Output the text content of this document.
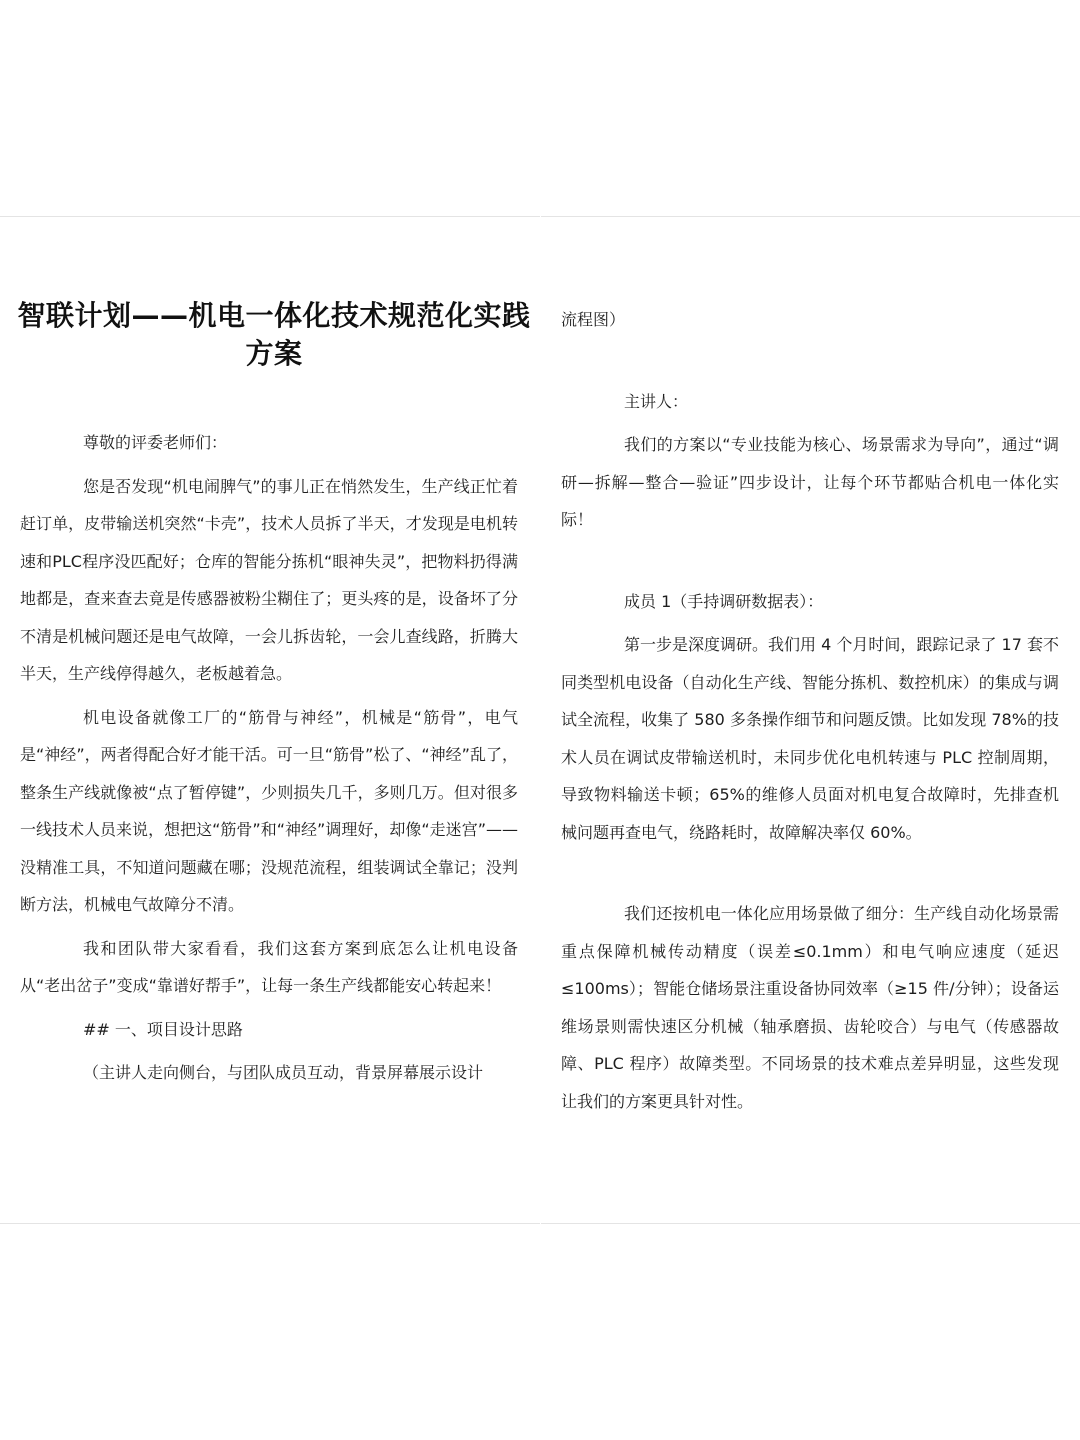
智联计划——机电一体化技术规范化实践方案

尊敬的评委老师们：

您是否发现“机电闹脾气”的事儿正在悄然发生，生产线正忙着赶订单，皮带输送机突然“卡壳”，技术人员拆了半天，才发现是电机转速和PLC程序没匹配好；仓库的智能分拣机“眼神失灵”，把物料扔得满地都是，查来查去竟是传感器被粉尘糊住了；更头疼的是，设备坏了分不清是机械问题还是电气故障，一会儿拆齿轮，一会儿查线路，折腾大半天，生产线停得越久，老板越着急。

机电设备就像工厂的“筋骨与神经”，机械是“筋骨”，电气是“神经”，两者得配合好才能干活。可一旦“筋骨”松了、“神经”乱了，整条生产线就像被“点了暂停键”，少则损失几千，多则几万。但对很多一线技术人员来说，想把这“筋骨”和“神经”调理好，却像“走迷宫”——没精准工具，不知道问题藏在哪；没规范流程，组装调试全靠记；没判断方法，机械电气故障分不清。

我和团队带大家看看，我们这套方案到底怎么让机电设备从“老出岔子”变成“靠谱好帮手”，让每一条生产线都能安心转起来！

## 一、项目设计思路

（主讲人走向侧台，与团队成员互动，背景屏幕展示设计

流程图）

主讲人：

我们的方案以“专业技能为核心、场景需求为导向”，通过“调研—拆解—整合—验证”四步设计，让每个环节都贴合机电一体化实际！

成员 1（手持调研数据表）：

第一步是深度调研。我们用 4 个月时间，跟踪记录了 17 套不同类型机电设备（自动化生产线、智能分拣机、数控机床）的集成与调试全流程，收集了 580 多条操作细节和问题反馈。比如发现 78%的技术人员在调试皮带输送机时，未同步优化电机转速与 PLC 控制周期，导致物料输送卡顿；65%的维修人员面对机电复合故障时，先排查机械问题再查电气，绕路耗时，故障解决率仅 60%。

我们还按机电一体化应用场景做了细分：生产线自动化场景需重点保障机械传动精度（误差≤0.1mm）和电气响应速度（延迟≤100ms）；智能仓储场景注重设备协同效率（≥15 件/分钟）；设备运维场景则需快速区分机械（轴承磨损、齿轮咬合）与电气（传感器故障、PLC 程序）故障类型。不同场景的技术难点差异明显，这些发现让我们的方案更具针对性。
